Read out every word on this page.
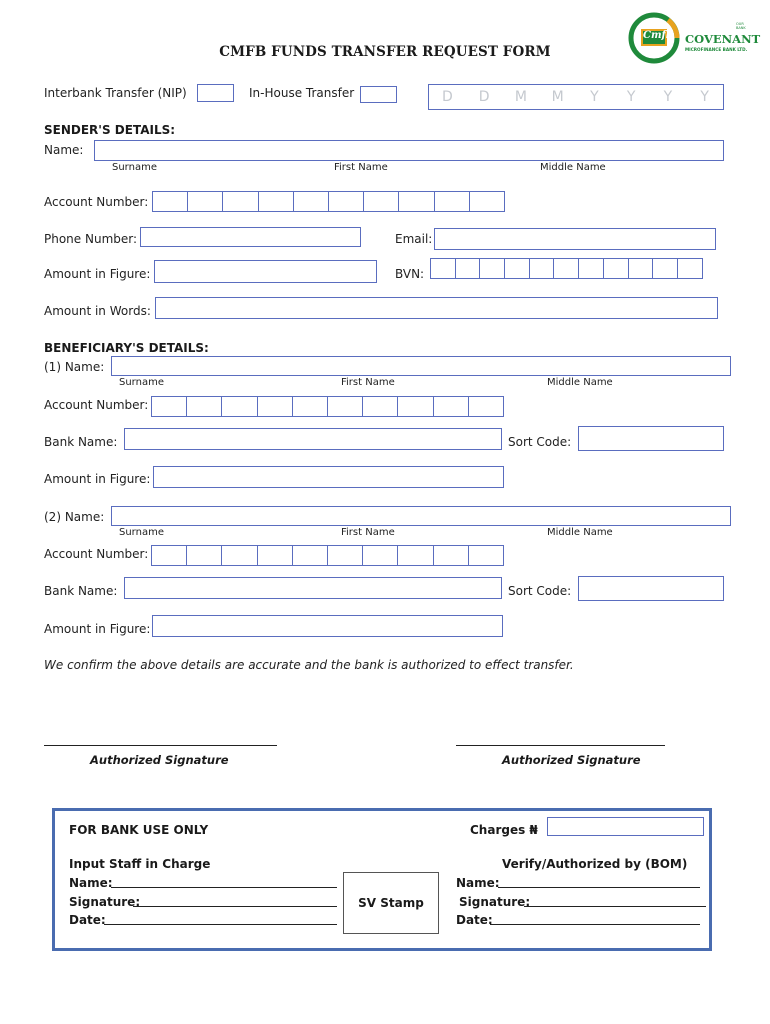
Cmfb
OUR BANK
COVENANT
MICROFINANCE BANK LTD.
CMFB FUNDS TRANSFER REQUEST FORM
Interbank Transfer (NIP)	In-House Transfer	D	D	M	M	Y	Y	Y	Y
SENDER'S DETAILS:
Name:
Surname	First Name	Middle Name
Account Number:
Phone Number:	Email:
Amount in Figure:	BVN:
Amount in Words:
BENEFICIARY'S DETAILS:
(1) Name:
Surname	First Name	Middle Name
Account Number:
Bank Name:	Sort Code:
Amount in Figure:
(2) Name:
Surname	First Name	Middle Name
Account Number:
Bank Name:	Sort Code:
Amount in Figure:
We confirm the above details are accurate and the bank is authorized to effect transfer.
Authorized Signature	Authorized Signature
FOR BANK USE ONLY	Charges ₦
Input Staff in Charge
Name:
Signature:
Date:
SV Stamp
Verify/Authorized by (BOM)
Name:
Signature:
Date:
